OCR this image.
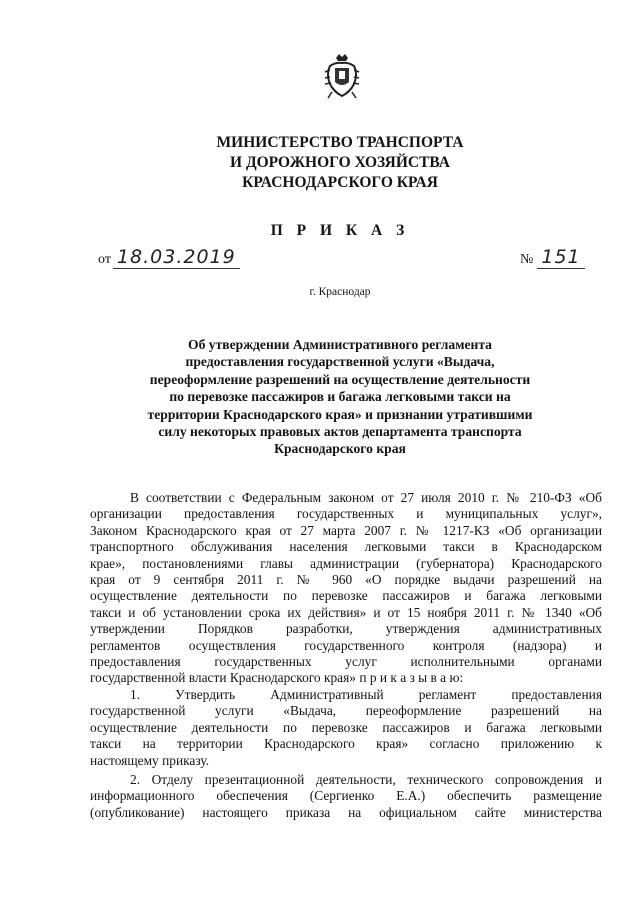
МИНИСТЕРСТВО ТРАНСПОРТА
И ДОРОЖНОГО ХОЗЯЙСТВА
КРАСНОДАРСКОГО КРАЯ
П Р И К А З
от 18.03.2019	№ 151
г. Краснодар
Об утверждении Административного регламента
предоставления государственной услуги «Выдача,
переоформление разрешений на осуществление деятельности
по перевозке пассажиров и багажа легковыми такси на
территории Краснодарского края» и признании утратившими
силу некоторых правовых актов департамента транспорта
Краснодарского края
В соответствии с Федеральным законом от 27 июля 2010 г. № 210-ФЗ «Об
организации предоставления государственных и муниципальных услуг»,
Законом Краснодарского края от 27 марта 2007 г. № 1217-КЗ «Об организации
транспортного обслуживания населения легковыми такси в Краснодарском
крае», постановлениями главы администрации (губернатора) Краснодарского
края от 9 сентября 2011 г. № 960 «О порядке выдачи разрешений на
осуществление деятельности по перевозке пассажиров и багажа легковыми
такси и об установлении срока их действия» и от 15 ноября 2011 г. № 1340 «Об
утверждении Порядков разработки, утверждения административных
регламентов осуществления государственного контроля (надзора) и
предоставления государственных услуг исполнительными органами
государственной власти Краснодарского края» п р и к а з ы в а ю:
1. Утвердить Административный регламент предоставления
государственной услуги «Выдача, переоформление разрешений на
осуществление деятельности по перевозке пассажиров и багажа легковыми
такси на территории Краснодарского края» согласно приложению к
настоящему приказу.
2. Отделу презентационной деятельности, технического сопровождения и
информационного обеспечения (Сергиенко Е.А.) обеспечить размещение
(опубликование) настоящего приказа на официальном сайте министерства
